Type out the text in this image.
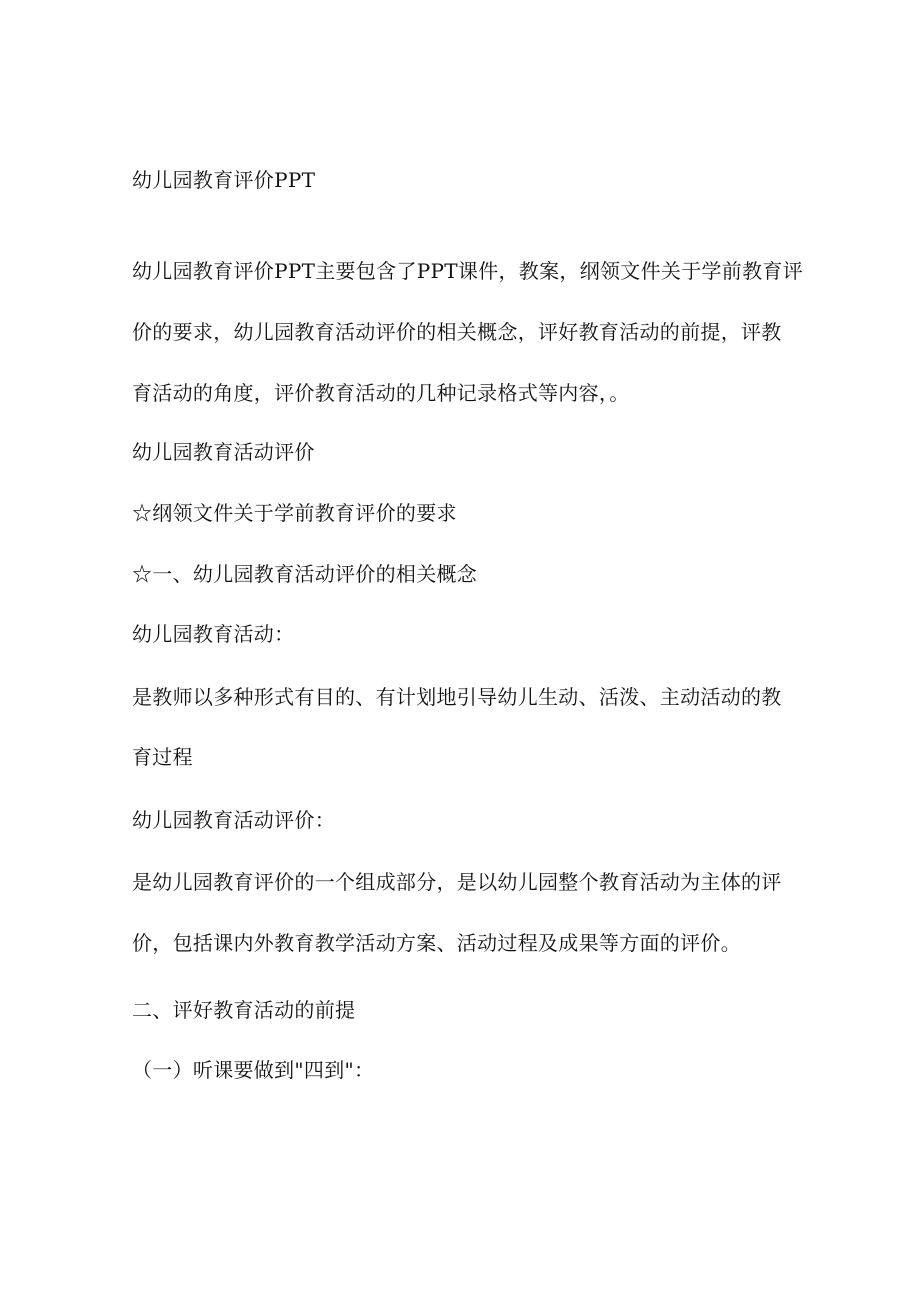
幼儿园教育评价PPT
幼儿园教育评价PPT主要包含了PPT课件，教案，纲领文件关于学前教育评
价的要求，幼儿园教育活动评价的相关概念，评好教育活动的前提，评教
育活动的角度，评价教育活动的几种记录格式等内容，。
幼儿园教育活动评价
☆纲领文件关于学前教育评价的要求
☆一、幼儿园教育活动评价的相关概念
幼儿园教育活动：
是教师以多种形式有目的、有计划地引导幼儿生动、活泼、主动活动的教
育过程
幼儿园教育活动评价：
是幼儿园教育评价的一个组成部分，是以幼儿园整个教育活动为主体的评
价，包括课内外教育教学活动方案、活动过程及成果等方面的评价。
二、评好教育活动的前提
（一）听课要做到"四到"：
